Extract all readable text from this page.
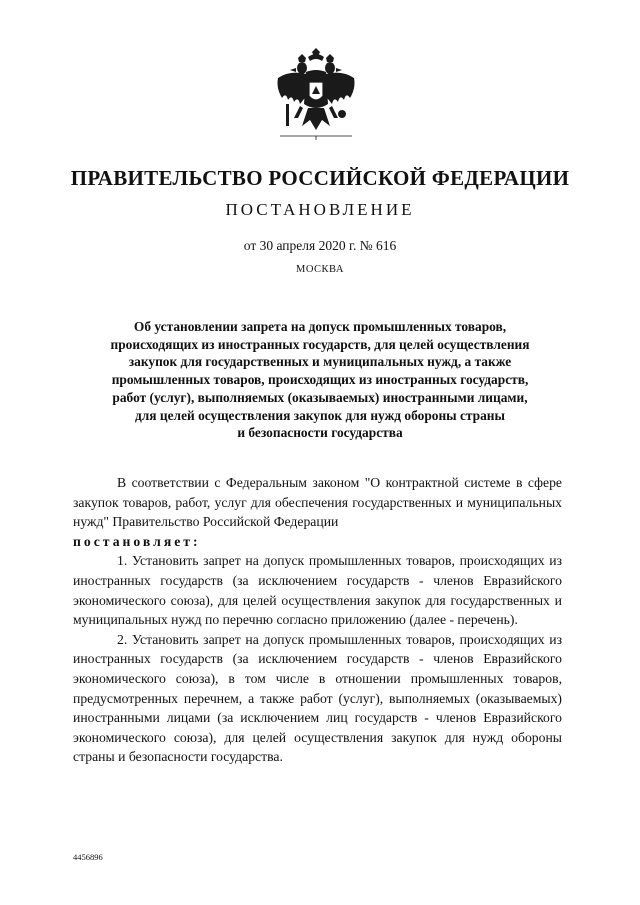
ПРАВИТЕЛЬСТВО РОССИЙСКОЙ ФЕДЕРАЦИИ
ПОСТАНОВЛЕНИЕ
от 30 апреля 2020 г. № 616
МОСКВА
Об установлении запрета на допуск промышленных товаров,
происходящих из иностранных государств, для целей осуществления
закупок для государственных и муниципальных нужд, а также
промышленных товаров, происходящих из иностранных государств,
работ (услуг), выполняемых (оказываемых) иностранными лицами,
для целей осуществления закупок для нужд обороны страны
и безопасности государства

В соответствии с Федеральным законом "О контрактной системе в сфере закупок товаров, работ, услуг для обеспечения государственных и муниципальных нужд" Правительство Российской Федерации

постановляет:

1. Установить запрет на допуск промышленных товаров, происходящих из иностранных государств (за исключением государств - членов Евразийского экономического союза), для целей осуществления закупок для государственных и муниципальных нужд по перечню согласно приложению (далее - перечень).

2. Установить запрет на допуск промышленных товаров, происходящих из иностранных государств (за исключением государств - членов Евразийского экономического союза), в том числе в отношении промышленных товаров, предусмотренных перечнем, а также работ (услуг), выполняемых (оказываемых) иностранными лицами (за исключением лиц государств - членов Евразийского экономического союза), для целей осуществления закупок для нужд обороны страны и безопасности государства.

4456896
